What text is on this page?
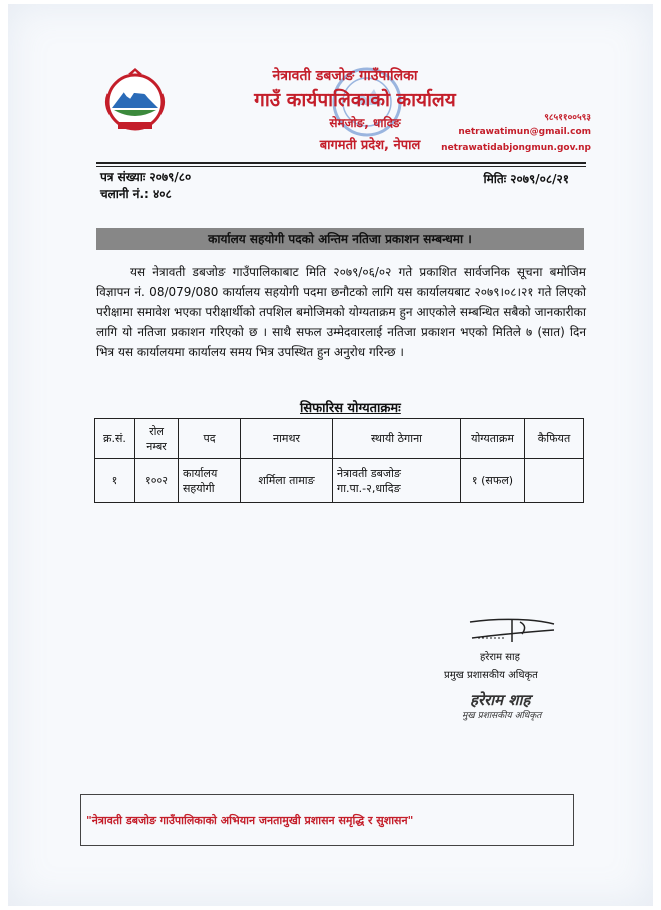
नेत्रावती डबजोङ गाउँपालिका
गाउँ कार्यपालिकाको कार्यालय
सेमजोङ, धादिङ
बागमती प्रदेश, नेपाल
९८५११००५९३
netrawatimun@gmail.com
netrawatidabjongmun.gov.np
पत्र संख्याः २०७९/८०
चलानी नं.: ४०८
मितिः २०७९/०८/२१
कार्यालय सहयोगी पदको अन्तिम नतिजा प्रकाशन सम्बन्धमा ।

यस नेत्रावती डबजोङ गाउँपालिकाबाट मिति २०७९/०६/०२ गते प्रकाशित सार्वजनिक सूचना बमोजिम विज्ञापन नं. 08/079/080 कार्यालय सहयोगी पदमा छनौटको लागि यस कार्यालयबाट २०७९।०८।२१ गते लिएको परीक्षामा समावेश भएका परीक्षार्थीको तपशिल बमोजिमको योग्यताक्रम हुन आएकोले सम्बन्धित सबैको जानकारीका लागि यो नतिजा प्रकाशन गरिएको छ । साथै सफल उम्मेदवारलाई नतिजा प्रकाशन भएको मितिले ७ (सात) दिन भित्र यस कार्यालयमा कार्यालय समय भित्र उपस्थित हुन अनुरोध गरिन्छ ।

सिफारिस योग्यताक्रमः
क्र.सं.	रोल नम्बर	पद	नामथर	स्थायी ठेगाना	योग्यताक्रम	कैफियत
१	१००२	कार्यालय सहयोगी	शर्मिला तामाङ	नेत्रावती डबजोङ गा.पा.-२,धादिङ	१ (सफल)	
हरेराम साह
प्रमुख प्रशासकीय अधिकृत
हरेराम शाह
मुख प्रशासकीय अधिकृत
"नेत्रावती डबजोङ गाउँपालिकाको अभियान जनतामुखी प्रशासन समृद्धि र सुशासन"
